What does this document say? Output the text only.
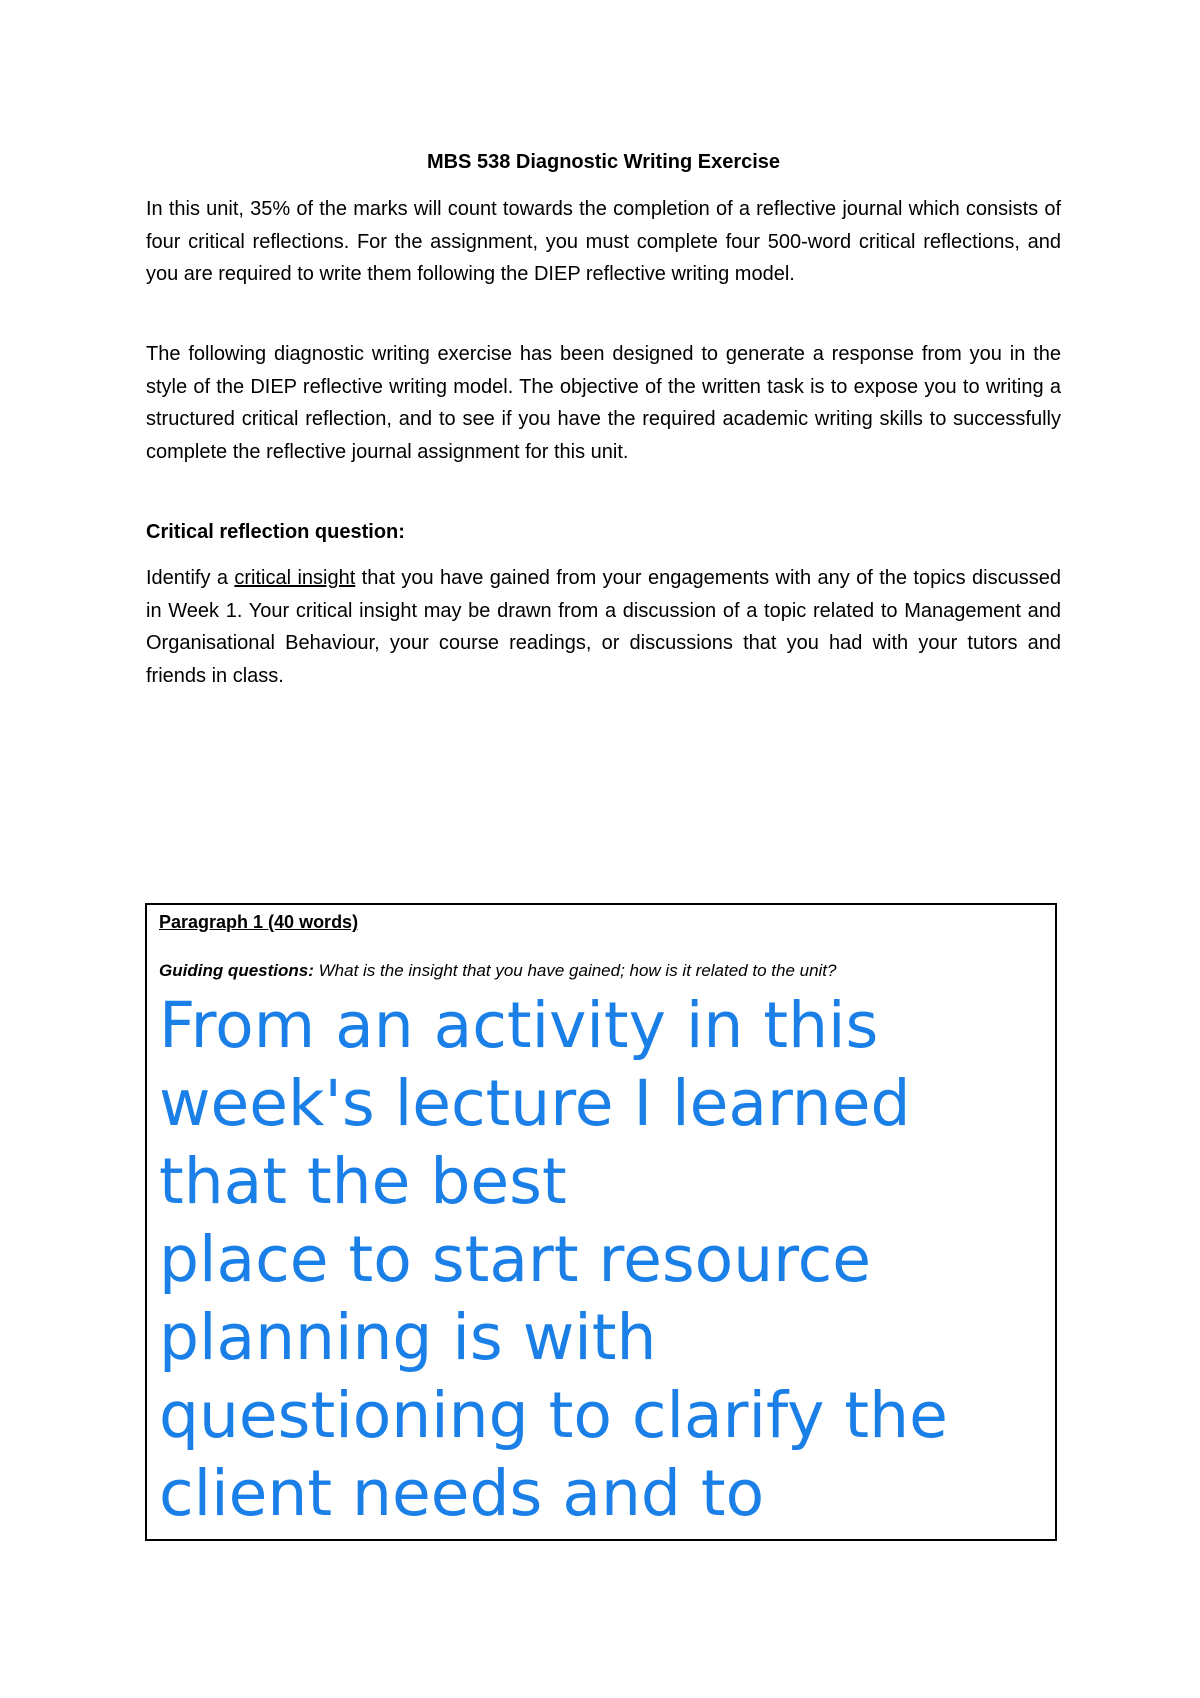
MBS 538 Diagnostic Writing Exercise

In this unit, 35% of the marks will count towards the completion of a reflective journal which consists of four critical reflections. For the assignment, you must complete four 500-word critical reflections, and you are required to write them following the DIEP reflective writing model.

The following diagnostic writing exercise has been designed to generate a response from you in the style of the DIEP reflective writing model. The objective of the written task is to expose you to writing a structured critical reflection, and to see if you have the required academic writing skills to successfully complete the reflective journal assignment for this unit.

Critical reflection question:

Identify a critical insight that you have gained from your engagements with any of the topics discussed in Week 1. Your critical insight may be drawn from a discussion of a topic related to Management and Organisational Behaviour, your course readings, or discussions that you had with your tutors and friends in class.

Paragraph 1 (40 words)
Guiding questions: What is the insight that you have gained; how is it related to the unit?
From an activity in this
week's lecture I learned
that the best
place to start resource
planning is with
questioning to clarify the
client needs and to
